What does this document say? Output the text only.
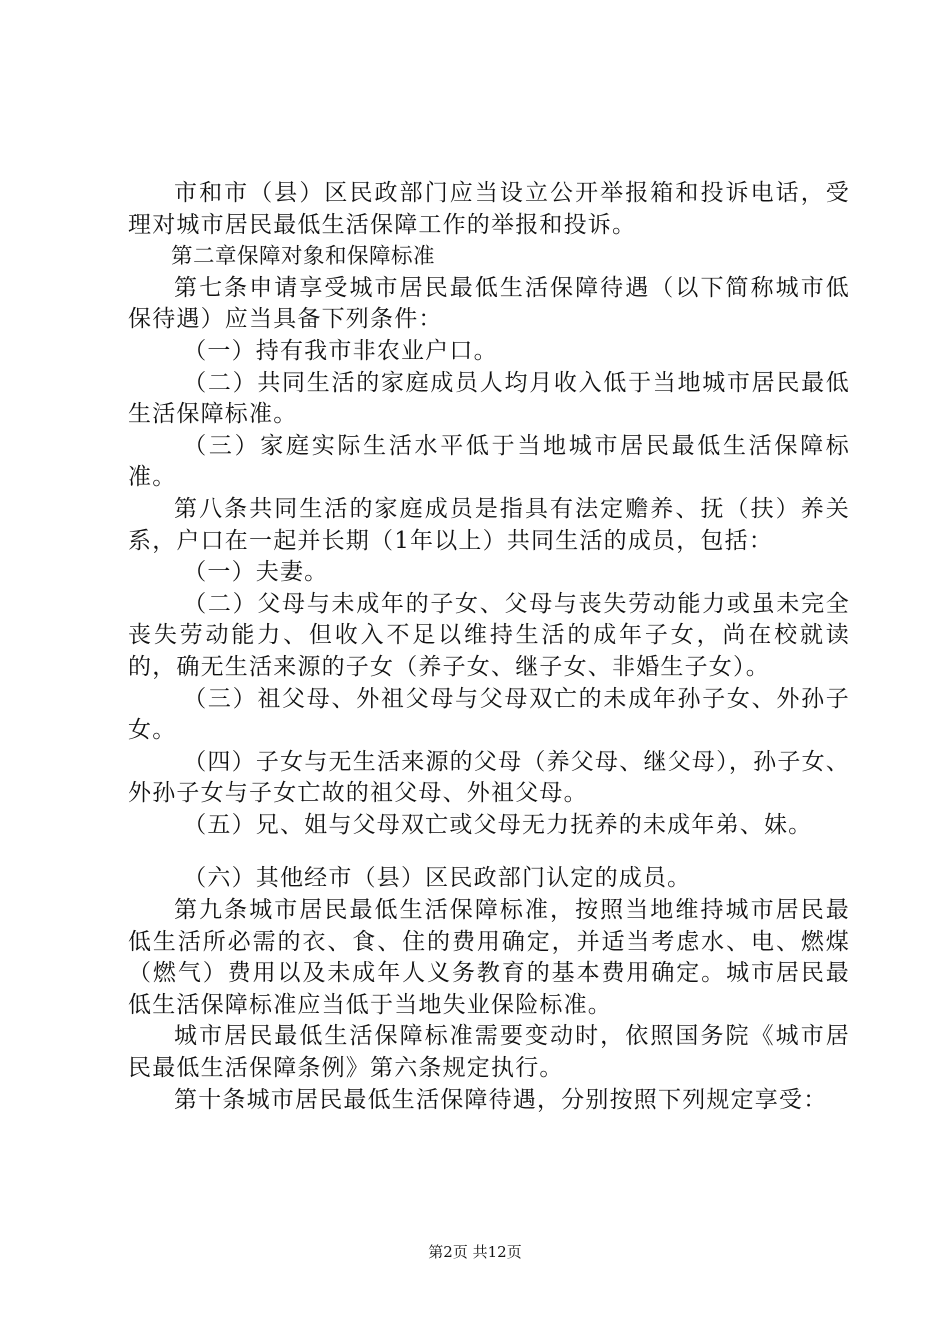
市和市（县）区民政部门应当设立公开举报箱和投诉电话，受理对城市居民最低生活保障工作的举报和投诉。

第二章保障对象和保障标准

第七条申请享受城市居民最低生活保障待遇（以下简称城市低保待遇）应当具备下列条件：

（一）持有我市非农业户口。

（二）共同生活的家庭成员人均月收入低于当地城市居民最低生活保障标准。

（三）家庭实际生活水平低于当地城市居民最低生活保障标准。

第八条共同生活的家庭成员是指具有法定赡养、抚（扶）养关系，户口在一起并长期（1年以上）共同生活的成员，包括：

（一）夫妻。

（二）父母与未成年的子女、父母与丧失劳动能力或虽未完全丧失劳动能力、但收入不足以维持生活的成年子女，尚在校就读的，确无生活来源的子女（养子女、继子女、非婚生子女）。

（三）祖父母、外祖父母与父母双亡的未成年孙子女、外孙子女。

（四）子女与无生活来源的父母（养父母、继父母），孙子女、外孙子女与子女亡故的祖父母、外祖父母。

（五）兄、姐与父母双亡或父母无力抚养的未成年弟、妹。

（六）其他经市（县）区民政部门认定的成员。

第九条城市居民最低生活保障标准，按照当地维持城市居民最低生活所必需的衣、食、住的费用确定，并适当考虑水、电、燃煤（燃气）费用以及未成年人义务教育的基本费用确定。城市居民最低生活保障标准应当低于当地失业保险标准。

城市居民最低生活保障标准需要变动时，依照国务院《城市居民最低生活保障条例》第六条规定执行。

第十条城市居民最低生活保障待遇，分别按照下列规定享受：

第2页 共12页
